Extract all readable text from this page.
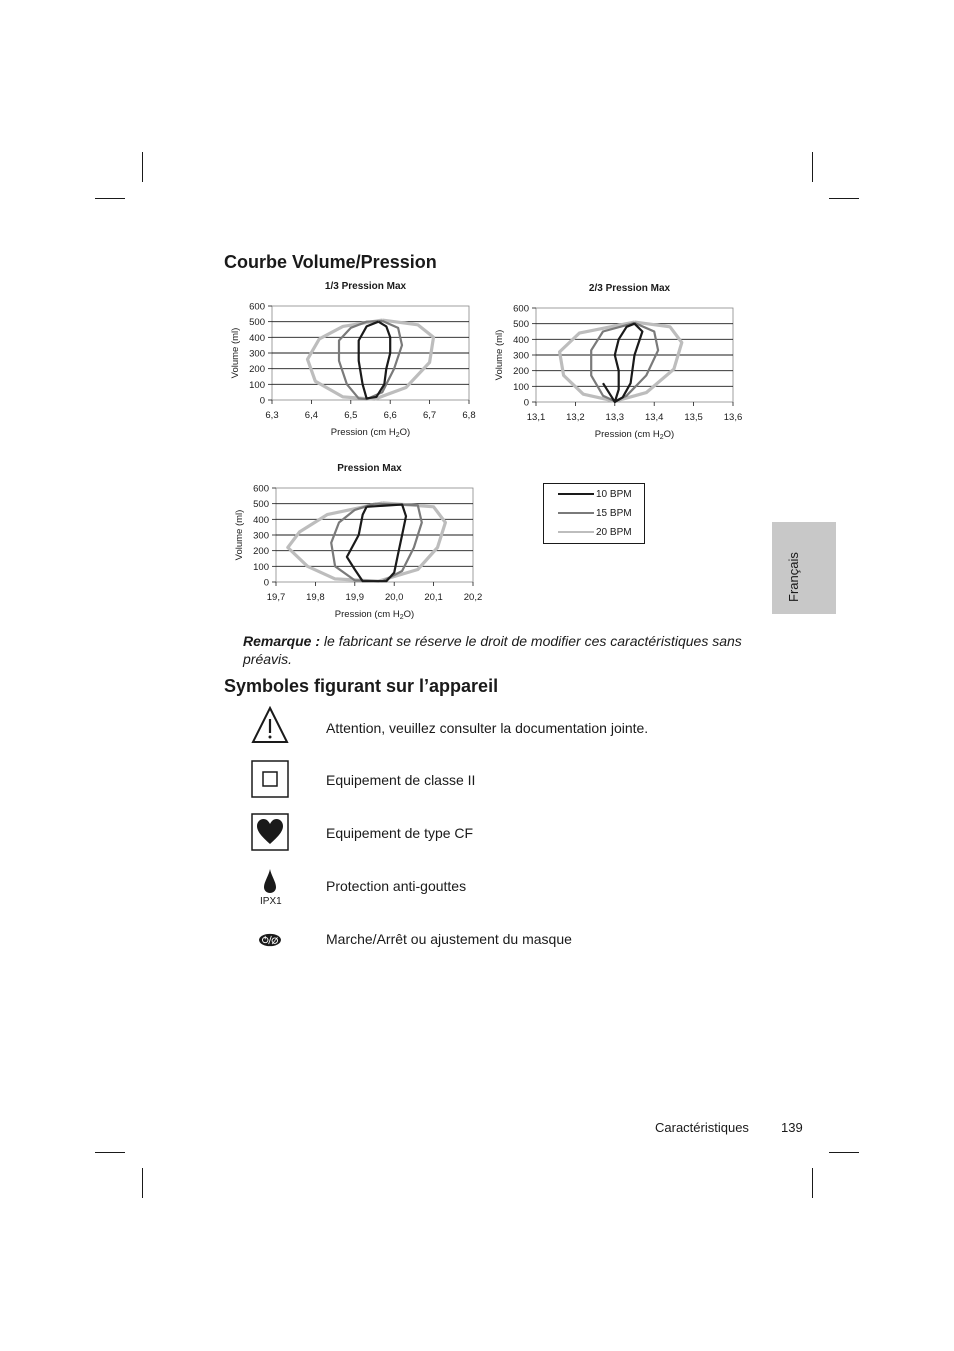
Courbe Volume/Pression
1/3 Pression Max
0
100
200
300
400
500
600
6,3	6,4	6,5	6,6	6,7	6,8
Pression (cm $H_2O$)
Volume (ml)
2/3 Pression Max
0
100
200
300
400
500
600
13,1 13,2 13,3 13,4 13,5 13,6
Pression (cm $H_2O$)
Volume (ml)
Pression Max
0
100
200
300
400
500
600
19,7 19,8 19,9 20,0 20,1 20,2
Pression (cm $H_2O$)
Volume (ml)
10 BPM
15 BPM
20 BPM
Français
Remarque : le fabricant se réserve le droit de modifier ces caractéristiques sans préavis.
Symboles figurant sur l’appareil
Attention, veuillez consulter la documentation jointe.
Equipement de classe II
Equipement de type CF
IPX1
Protection anti-gouttes
Marche/Arrêt ou ajustement du masque
Caractéristiques 139
